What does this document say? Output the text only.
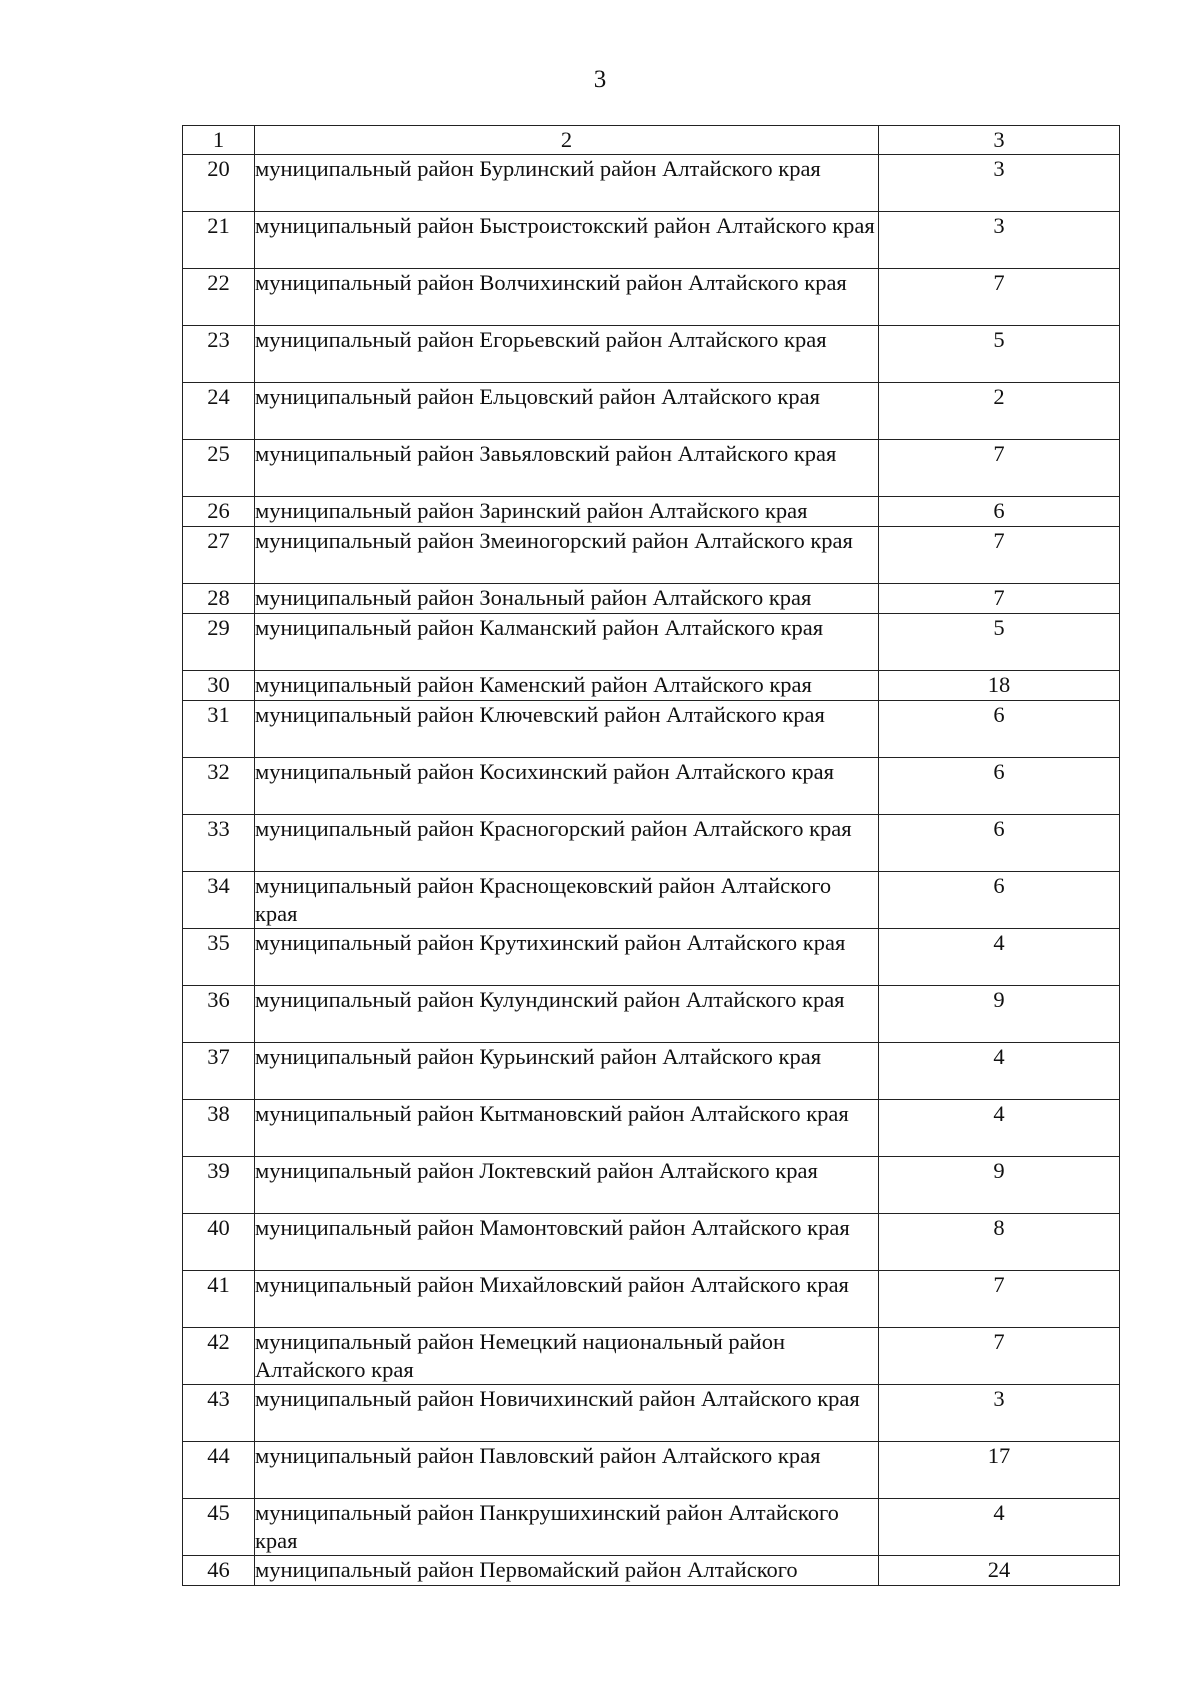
3
1	2	3
20	муниципальный район Бурлинский район Алтайского края	3
21	муниципальный район Быстроистокский район Алтайского края	3
22	муниципальный район Волчихинский район Алтайского края	7
23	муниципальный район Егорьевский район Алтайского края	5
24	муниципальный район Ельцовский район Алтайского края	2
25	муниципальный район Завьяловский район Алтайского края	7
26	муниципальный район Заринский район Алтайского края	6
27	муниципальный район Змеиногорский район Алтайского края	7
28	муниципальный район Зональный район Алтайского края	7
29	муниципальный район Калманский район Алтайского края	5
30	муниципальный район Каменский район Алтайского края	18
31	муниципальный район Ключевский район Алтайского края	6
32	муниципальный район Косихинский район Алтайского края	6
33	муниципальный район Красногорский район Алтайского края	6
34	муниципальный район Краснощековский район Алтайского края	6
35	муниципальный район Крутихинский район Алтайского края	4
36	муниципальный район Кулундинский район Алтайского края	9
37	муниципальный район Курьинский район Алтайского края	4
38	муниципальный район Кытмановский район Алтайского края	4
39	муниципальный район Локтевский район Алтайского края	9
40	муниципальный район Мамонтовский район Алтайского края	8
41	муниципальный район Михайловский район Алтайского края	7
42	муниципальный район Немецкий национальный район Алтайского края	7
43	муниципальный район Новичихинский район Алтайского края	3
44	муниципальный район Павловский район Алтайского края	17
45	муниципальный район Панкрушихинский район Алтайского края	4
46	муниципальный район Первомайский район Алтайского	24
